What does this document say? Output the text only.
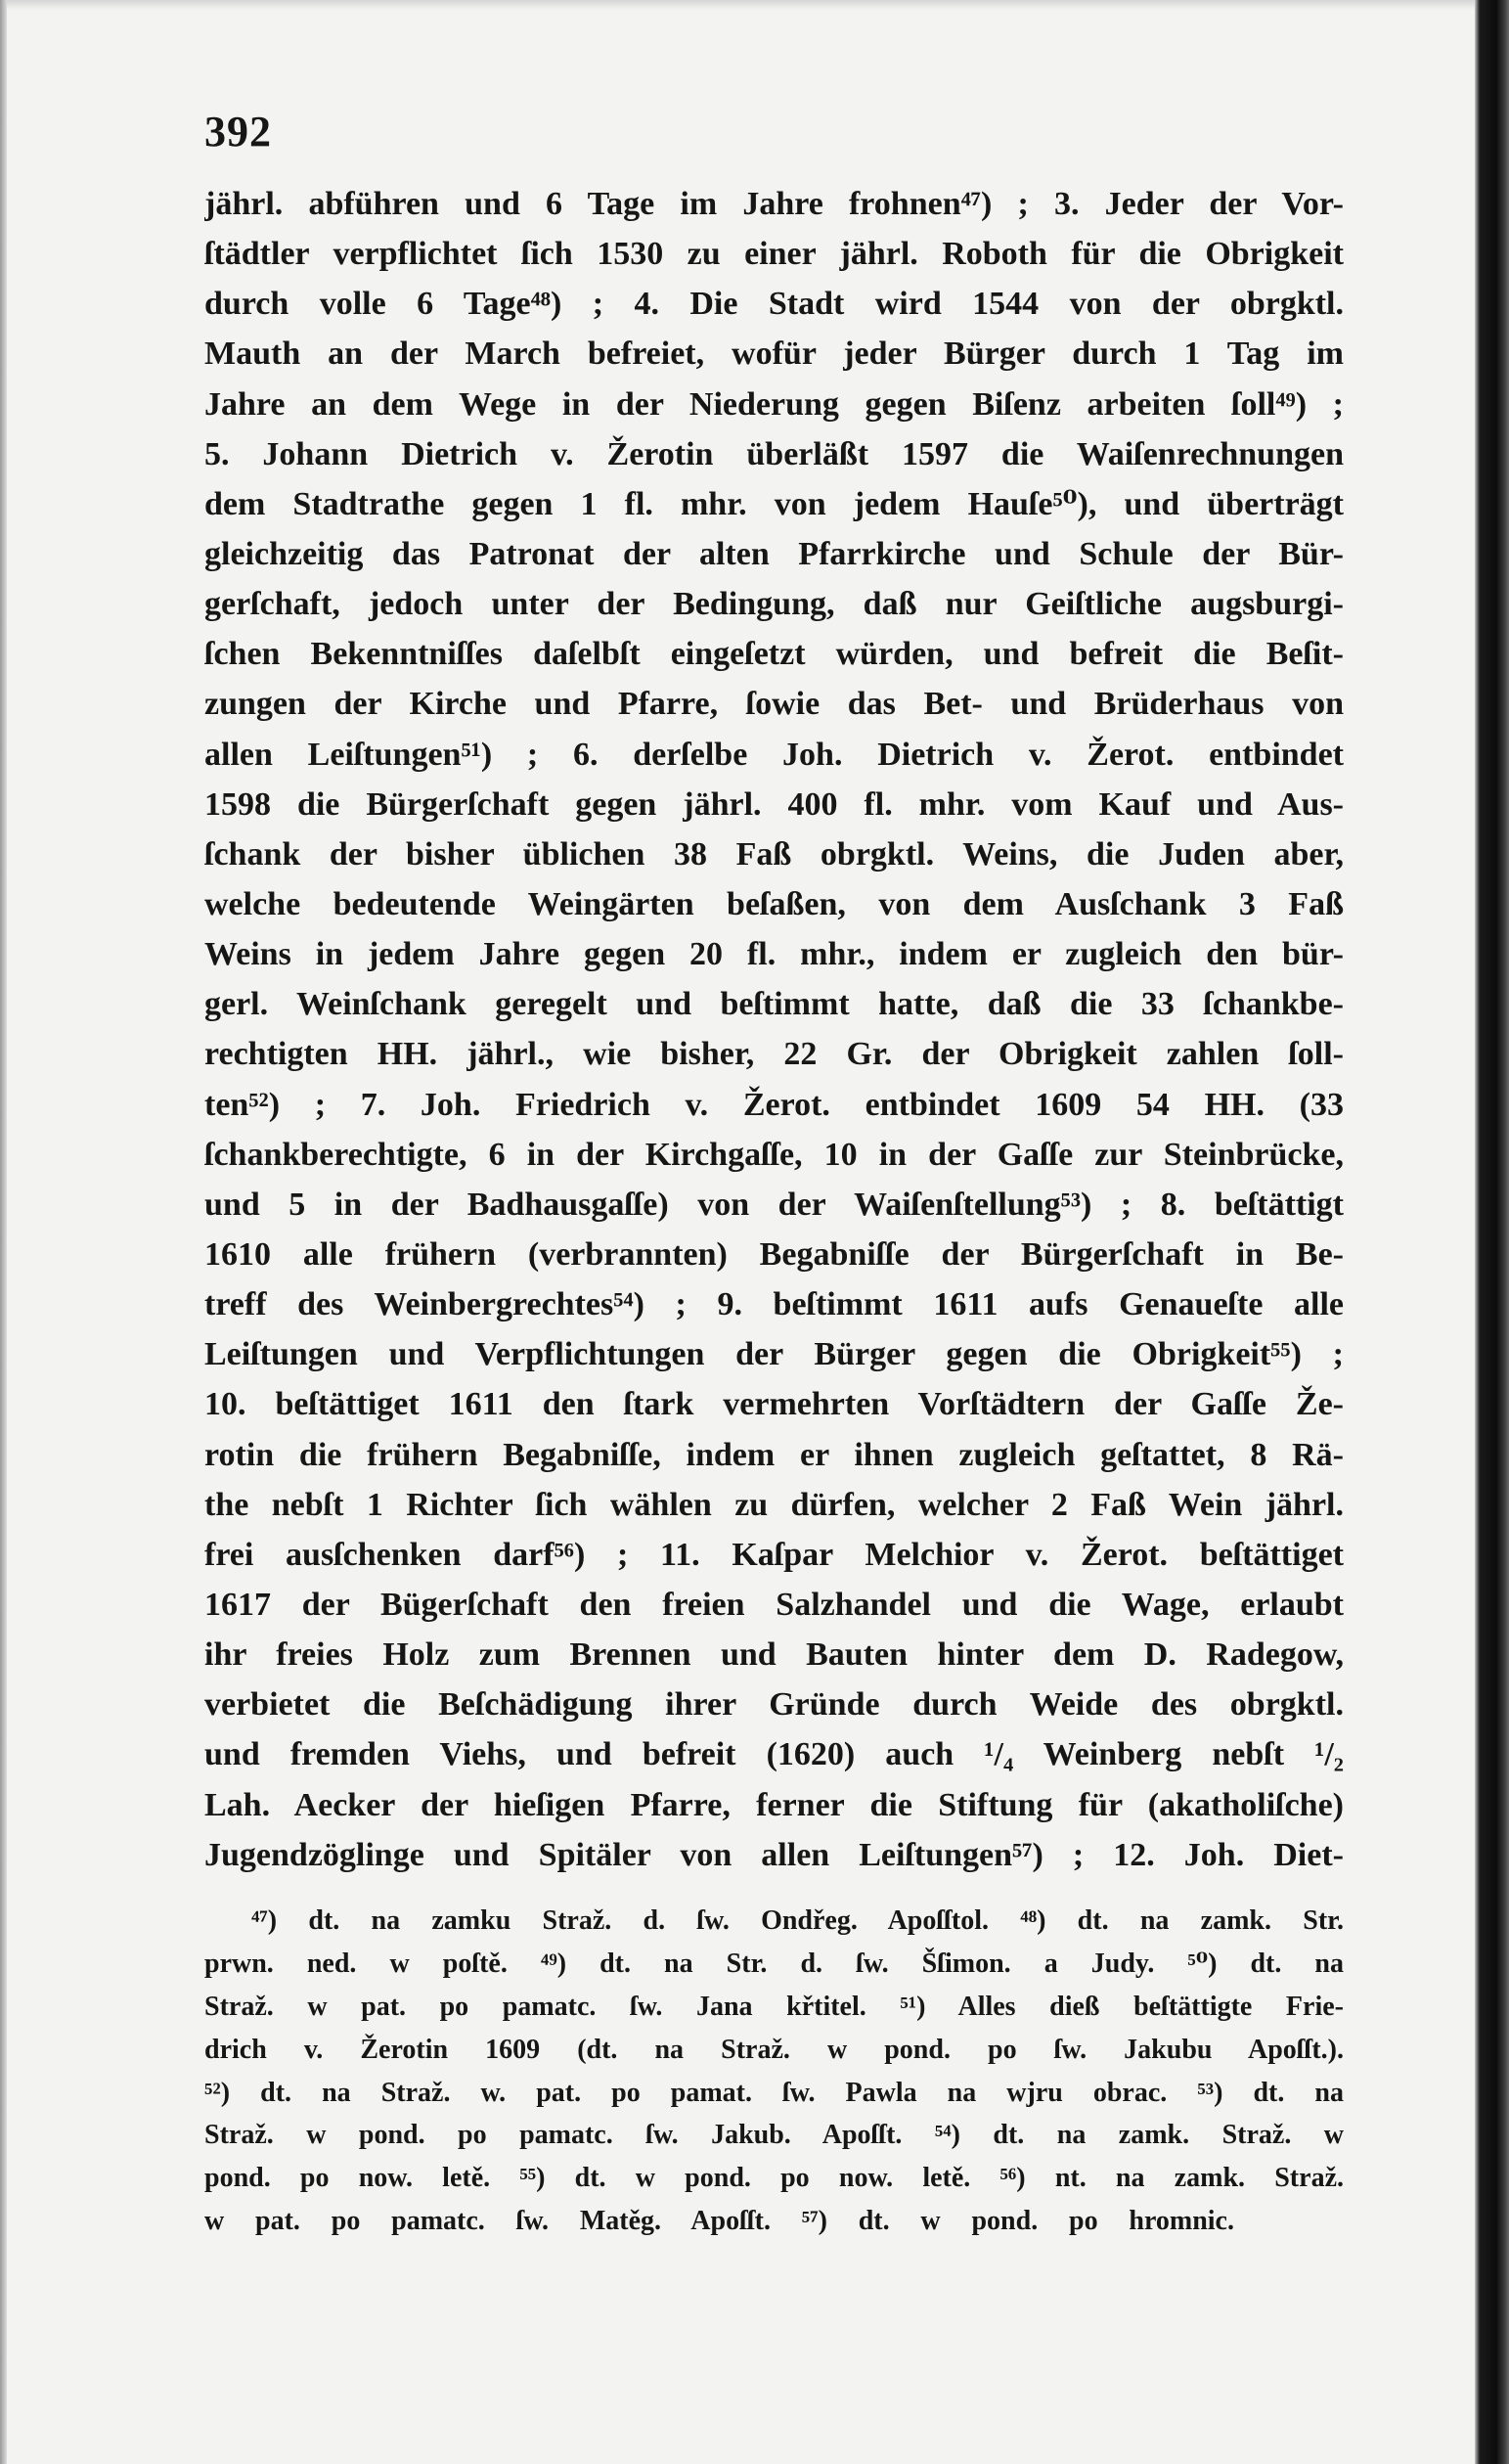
392
jährl. abführen und 6 Tage im Jahre frohnen⁴⁷) ; 3. Jeder der Vor-
ſtädtler verpflichtet ſich 1530 zu einer jährl. Roboth für die Obrigkeit
durch volle 6 Tage⁴⁸) ; 4. Die Stadt wird 1544 von der obrgktl.
Mauth an der March befreiet, wofür jeder Bürger durch 1 Tag im
Jahre an dem Wege in der Niederung gegen Biſenz arbeiten ſoll⁴⁹) ;
5. Johann Dietrich v. Žerotin überläßt 1597 die Waiſenrechnungen
dem Stadtrathe gegen 1 fl. mhr. von jedem Hauſe⁵⁰), und überträgt
gleichzeitig das Patronat der alten Pfarrkirche und Schule der Bür-
gerſchaft, jedoch unter der Bedingung, daß nur Geiſtliche augsburgi-
ſchen Bekenntniſſes daſelbſt eingeſetzt würden, und befreit die Beſit-
zungen der Kirche und Pfarre, ſowie das Bet- und Brüderhaus von
allen Leiſtungen⁵¹) ; 6. derſelbe Joh. Dietrich v. Žerot. entbindet
1598 die Bürgerſchaft gegen jährl. 400 fl. mhr. vom Kauf und Aus-
ſchank der bisher üblichen 38 Faß obrgktl. Weins, die Juden aber,
welche bedeutende Weingärten beſaßen, von dem Ausſchank 3 Faß
Weins in jedem Jahre gegen 20 fl. mhr., indem er zugleich den bür-
gerl. Weinſchank geregelt und beſtimmt hatte, daß die 33 ſchankbe-
rechtigten HH. jährl., wie bisher, 22 Gr. der Obrigkeit zahlen ſoll-
ten⁵²) ; 7. Joh. Friedrich v. Žerot. entbindet 1609 54 HH. (33
ſchankberechtigte, 6 in der Kirchgaſſe, 10 in der Gaſſe zur Steinbrücke,
und 5 in der Badhausgaſſe) von der Waiſenſtellung⁵³) ; 8. beſtättigt
1610 alle frühern (verbrannten) Begabniſſe der Bürgerſchaft in Be-
treff des Weinbergrechtes⁵⁴) ; 9. beſtimmt 1611 aufs Genaueſte alle
Leiſtungen und Verpflichtungen der Bürger gegen die Obrigkeit⁵⁵) ;
10. beſtättiget 1611 den ſtark vermehrten Vorſtädtern der Gaſſe Že-
rotin die frühern Begabniſſe, indem er ihnen zugleich geſtattet, 8 Rä-
the nebſt 1 Richter ſich wählen zu dürfen, welcher 2 Faß Wein jährl.
frei ausſchenken darf⁵⁶) ; 11. Kaſpar Melchior v. Žerot. beſtättiget
1617 der Bügerſchaft den freien Salzhandel und die Wage, erlaubt
ihr freies Holz zum Brennen und Bauten hinter dem D. Radegow,
verbietet die Beſchädigung ihrer Gründe durch Weide des obrgktl.
und fremden Viehs, und befreit (1620) auch ¹/₄ Weinberg nebſt ¹/₂
Lah. Aecker der hieſigen Pfarre, ferner die Stiftung für (akatholiſche)
Jugendzöglinge und Spitäler von allen Leiſtungen⁵⁷) ; 12. Joh. Diet-
⁴⁷) dt. na zamku Straž. d. ſw. Ondřeg. Apoſſtol. ⁴⁸) dt. na zamk. Str.
prwn. ned. w poſtě. ⁴⁹) dt. na Str. d. ſw. Šſimon. a Judy. ⁵⁰) dt. na
Straž. w pat. po pamatc. ſw. Jana křtitel. ⁵¹) Alles dieß beſtättigte Frie-
drich v. Žerotin 1609 (dt. na Straž. w pond. po ſw. Jakubu Apoſſt.).
⁵²) dt. na Straž. w. pat. po pamat. ſw. Pawla na wjru obrac. ⁵³) dt. na
Straž. w pond. po pamatc. ſw. Jakub. Apoſſt. ⁵⁴) dt. na zamk. Straž. w
pond. po now. letě. ⁵⁵) dt. w pond. po now. letě. ⁵⁶) nt. na zamk. Straž.
w pat. po pamatc. ſw. Matěg. Apoſſt. ⁵⁷) dt. w pond. po hromnic.
